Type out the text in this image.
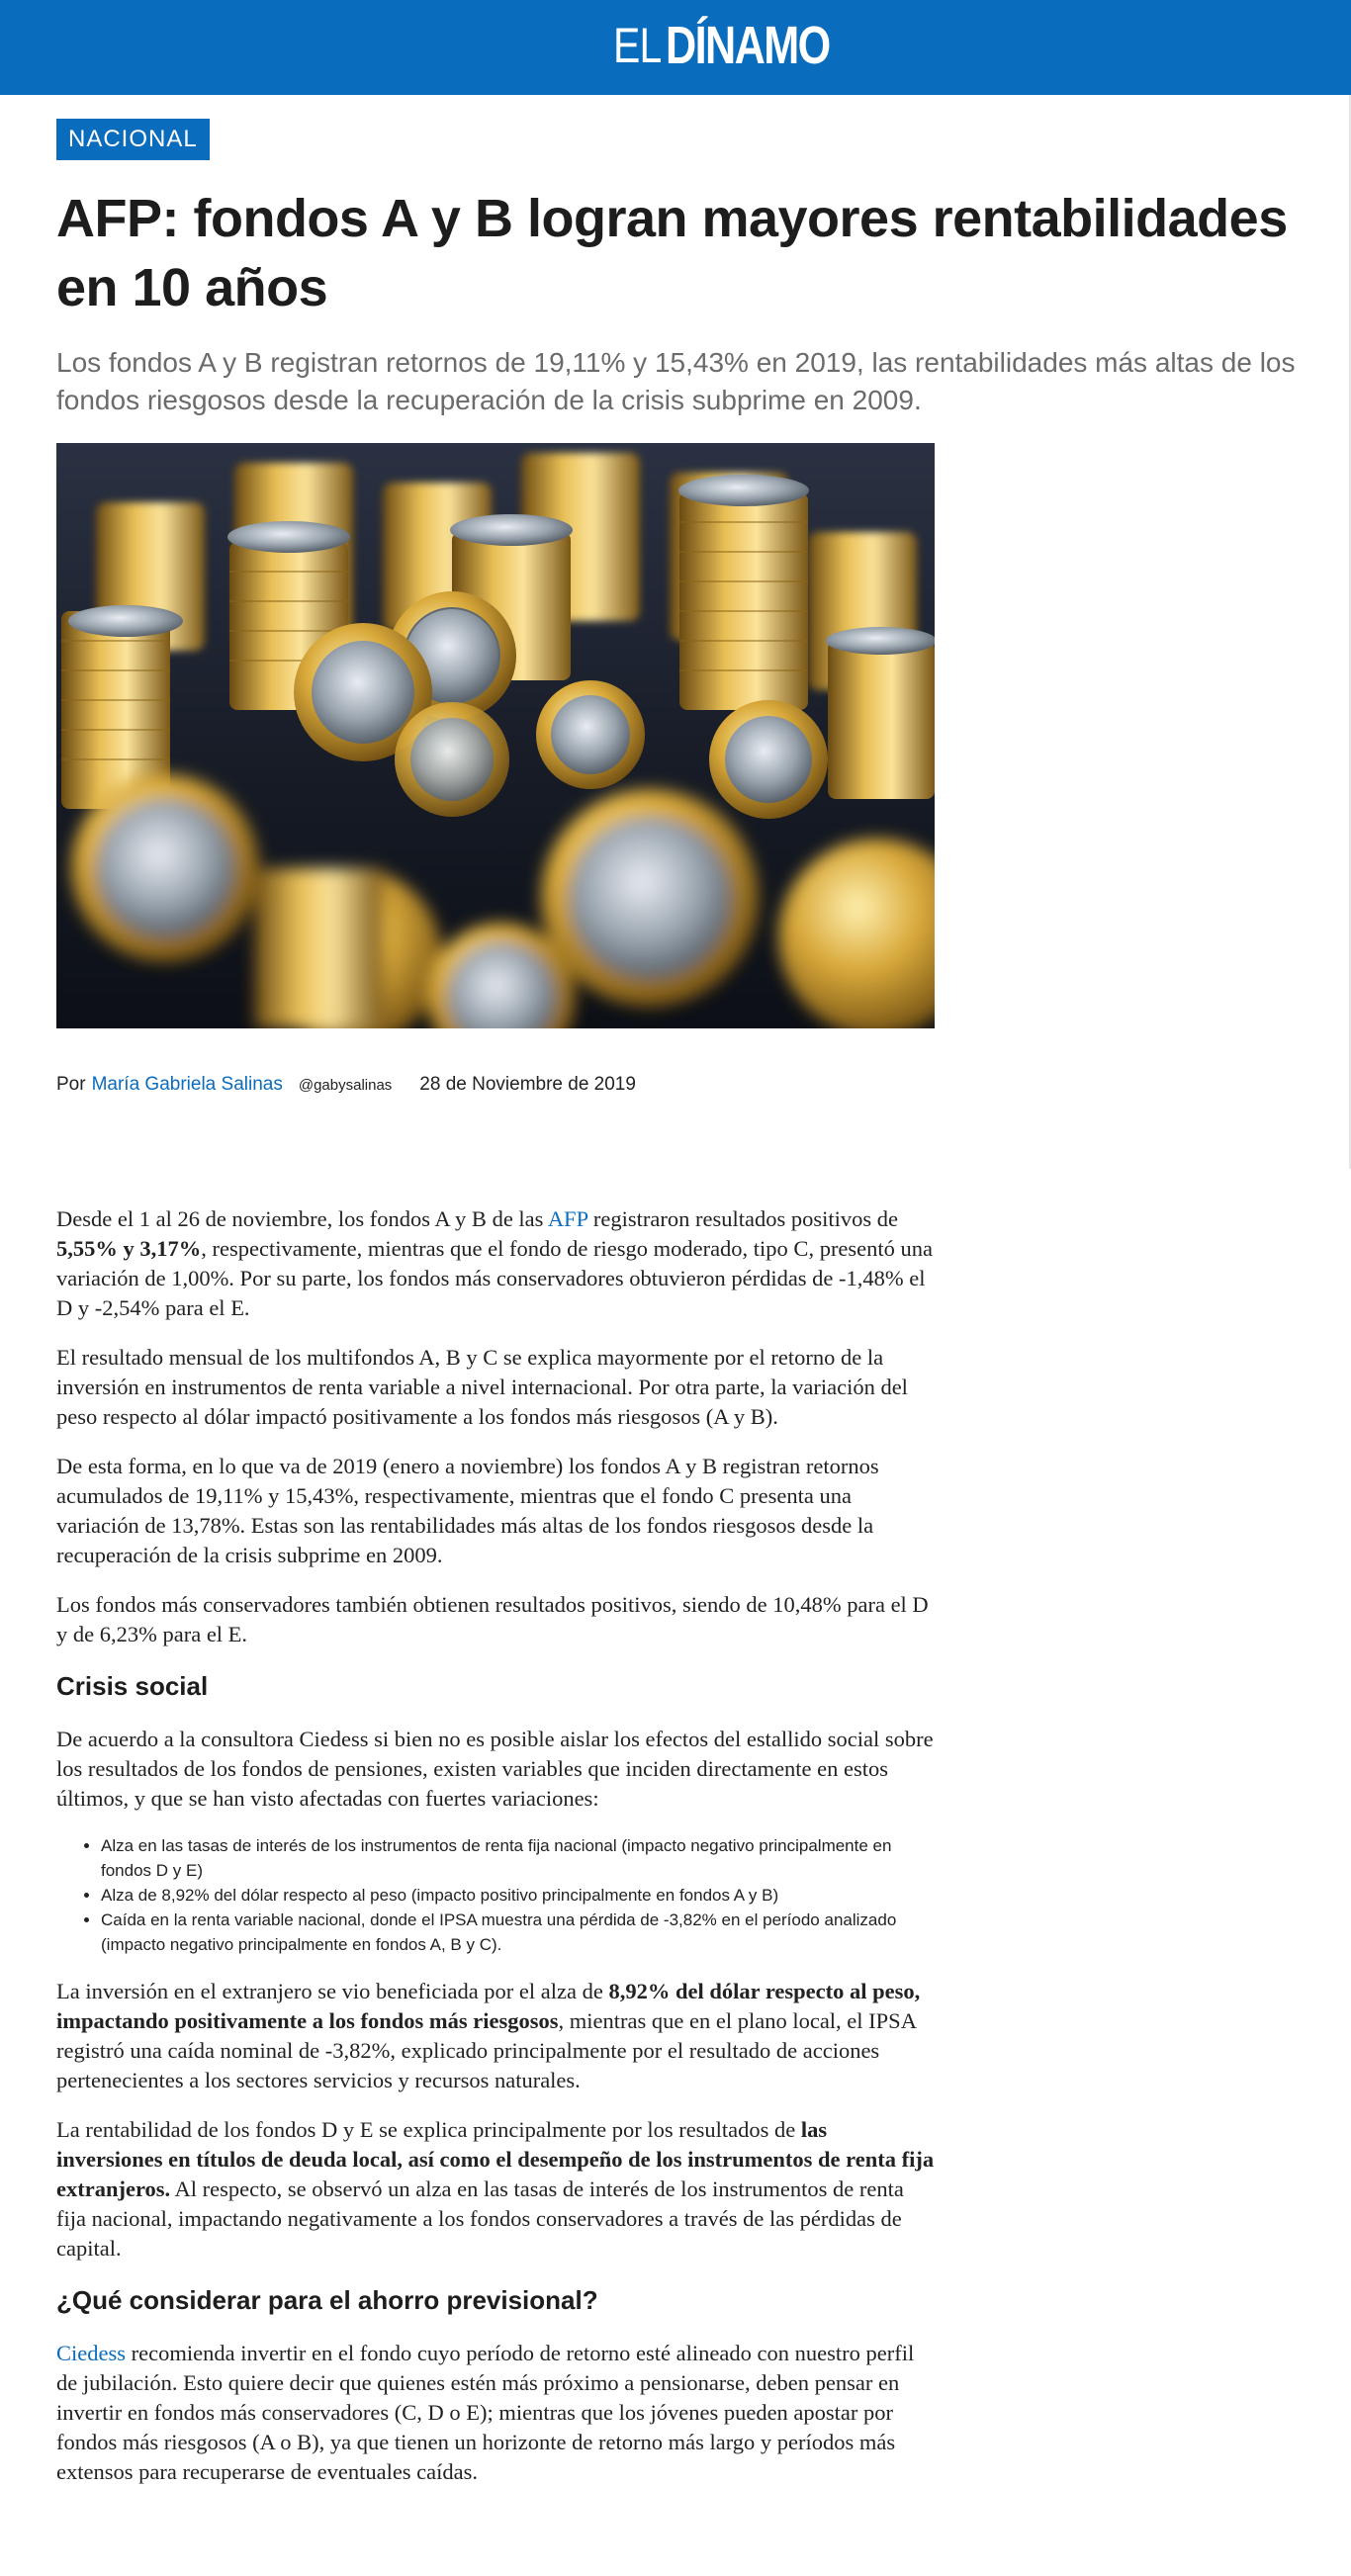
EL DÍNAMO
NACIONAL
AFP: fondos A y B logran mayores rentabilidades en 10 años

Los fondos A y B registran retornos de 19,11% y 15,43% en 2019, las rentabilidades más altas de los fondos riesgosos desde la recuperación de la crisis subprime en 2009.

Por María Gabriela Salinas @gabysalinas 28 de Noviembre de 2019

Desde el 1 al 26 de noviembre, los fondos A y B de las AFP registraron resultados positivos de 5,55% y 3,17%, respectivamente, mientras que el fondo de riesgo moderado, tipo C, presentó una variación de 1,00%. Por su parte, los fondos más conservadores obtuvieron pérdidas de -1,48% el D y -2,54% para el E.

El resultado mensual de los multifondos A, B y C se explica mayormente por el retorno de la inversión en instrumentos de renta variable a nivel internacional. Por otra parte, la variación del peso respecto al dólar impactó positivamente a los fondos más riesgosos (A y B).

De esta forma, en lo que va de 2019 (enero a noviembre) los fondos A y B registran retornos acumulados de 19,11% y 15,43%, respectivamente, mientras que el fondo C presenta una variación de 13,78%. Estas son las rentabilidades más altas de los fondos riesgosos desde la recuperación de la crisis subprime en 2009.

Los fondos más conservadores también obtienen resultados positivos, siendo de 10,48% para el D y de 6,23% para el E.

Crisis social

De acuerdo a la consultora Ciedess si bien no es posible aislar los efectos del estallido social sobre los resultados de los fondos de pensiones, existen variables que inciden directamente en estos últimos, y que se han visto afectadas con fuertes variaciones:

• Alza en las tasas de interés de los instrumentos de renta fija nacional (impacto negativo principalmente en fondos D y E)
• Alza de 8,92% del dólar respecto al peso (impacto positivo principalmente en fondos A y B)
• Caída en la renta variable nacional, donde el IPSA muestra una pérdida de -3,82% en el período analizado (impacto negativo principalmente en fondos A, B y C).

La inversión en el extranjero se vio beneficiada por el alza de 8,92% del dólar respecto al peso, impactando positivamente a los fondos más riesgosos, mientras que en el plano local, el IPSA registró una caída nominal de -3,82%, explicado principalmente por el resultado de acciones pertenecientes a los sectores servicios y recursos naturales.

La rentabilidad de los fondos D y E se explica principalmente por los resultados de las inversiones en títulos de deuda local, así como el desempeño de los instrumentos de renta fija extranjeros. Al respecto, se observó un alza en las tasas de interés de los instrumentos de renta fija nacional, impactando negativamente a los fondos conservadores a través de las pérdidas de capital.

¿Qué considerar para el ahorro previsional?

Ciedess recomienda invertir en el fondo cuyo período de retorno esté alineado con nuestro perfil de jubilación. Esto quiere decir que quienes estén más próximo a pensionarse, deben pensar en invertir en fondos más conservadores (C, D o E); mientras que los jóvenes pueden apostar por fondos más riesgosos (A o B), ya que tienen un horizonte de retorno más largo y períodos más extensos para recuperarse de eventuales caídas.
